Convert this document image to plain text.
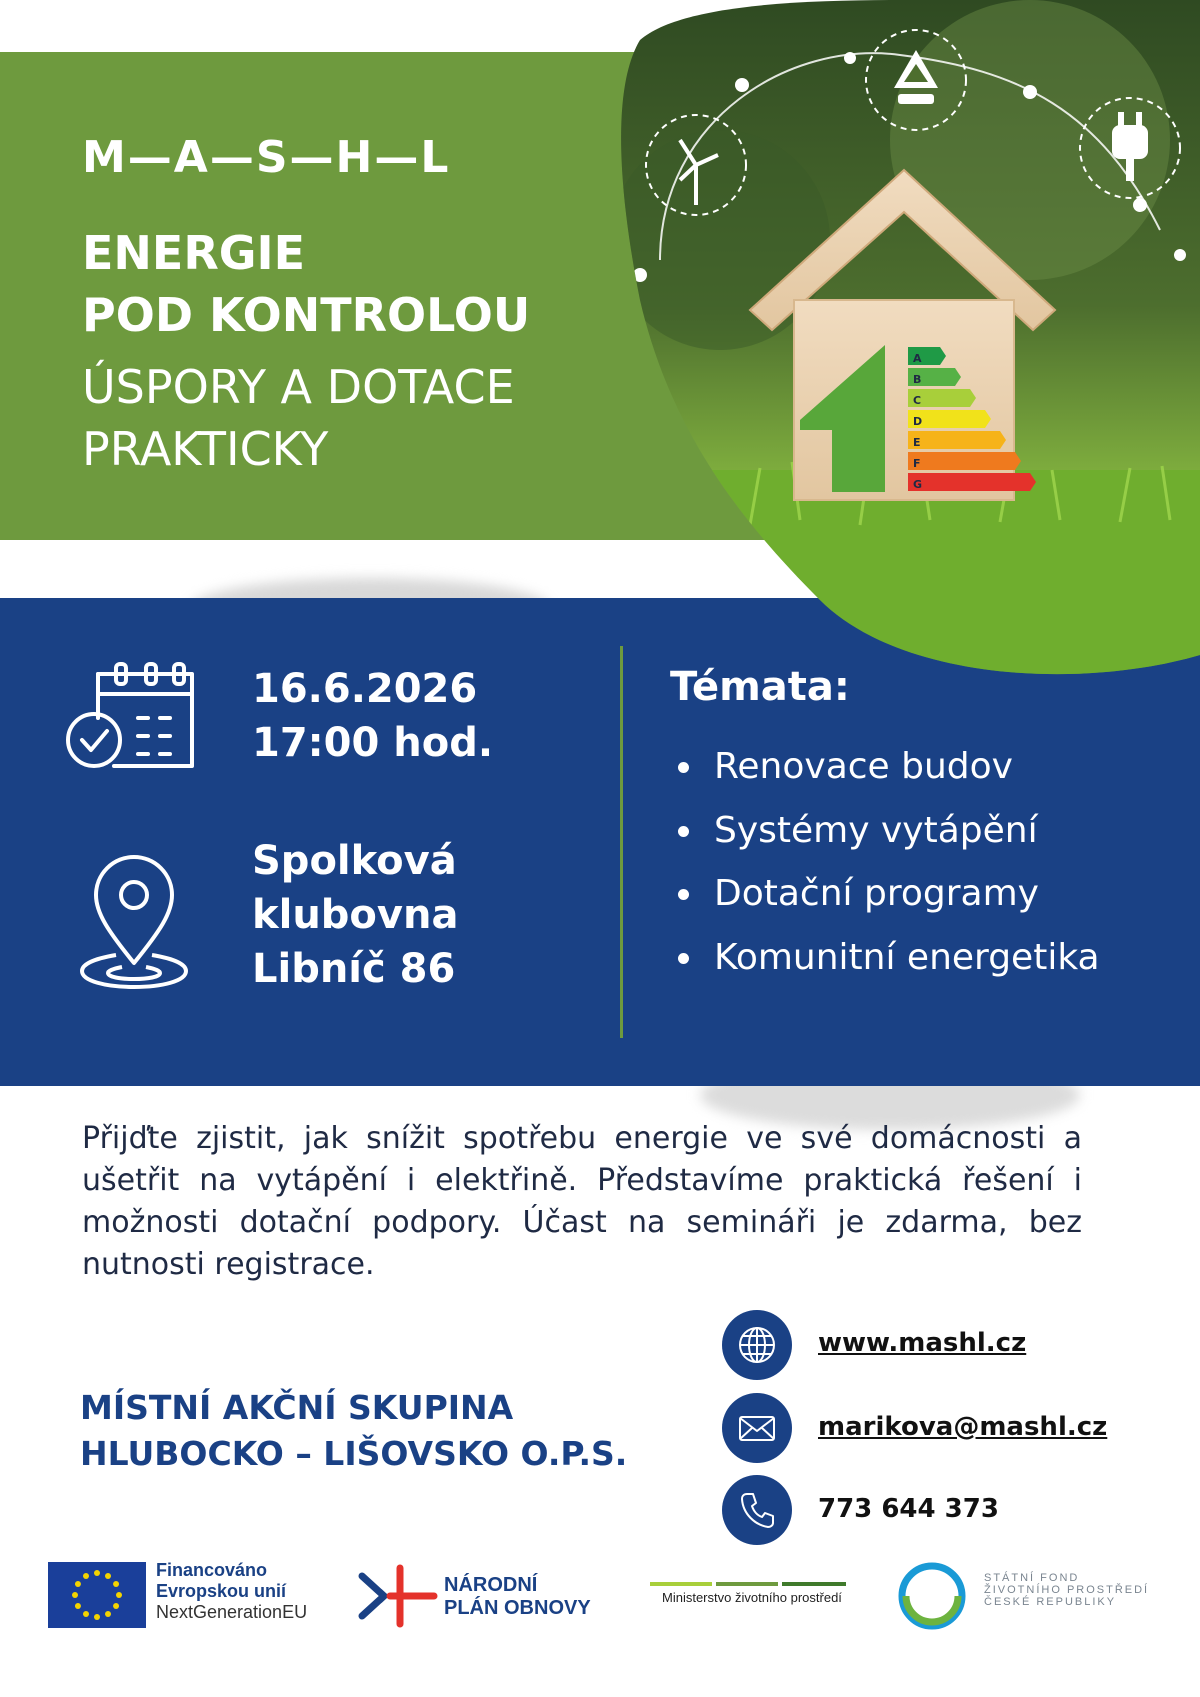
M—A—S—H—L
ENERGIE
POD KONTROLOU
ÚSPORY A DOTACE
PRAKTICKY
A
B
C
D
E
F
G
16.6.2026
17:00 hod.
Spolková
klubovna
Libníč 86
Témata:
Renovace budov
Systémy vytápění
Dotační programy
Komunitní energetika

Přijďte zjistit, jak snížit spotřebu energie ve své domácnosti a ušetřit na vytápění i elektřině. Představíme praktická řešení i možnosti dotační podpory. Účast na semináři je zdarma, bez nutnosti registrace.

MÍSTNÍ AKČNÍ SKUPINA
HLUBOCKO – LIŠOVSKO O.P.S.
www.mashl.cz
marikova@mashl.cz
773 644 373
Financováno
Evropskou unií
NextGenerationEU
NÁRODNÍ
PLÁN OBNOVY	Ministerstvo životního prostředí
STÁTNÍ FOND
ŽIVOTNÍHO PROSTŘEDÍ
ČESKÉ REPUBLIKY
